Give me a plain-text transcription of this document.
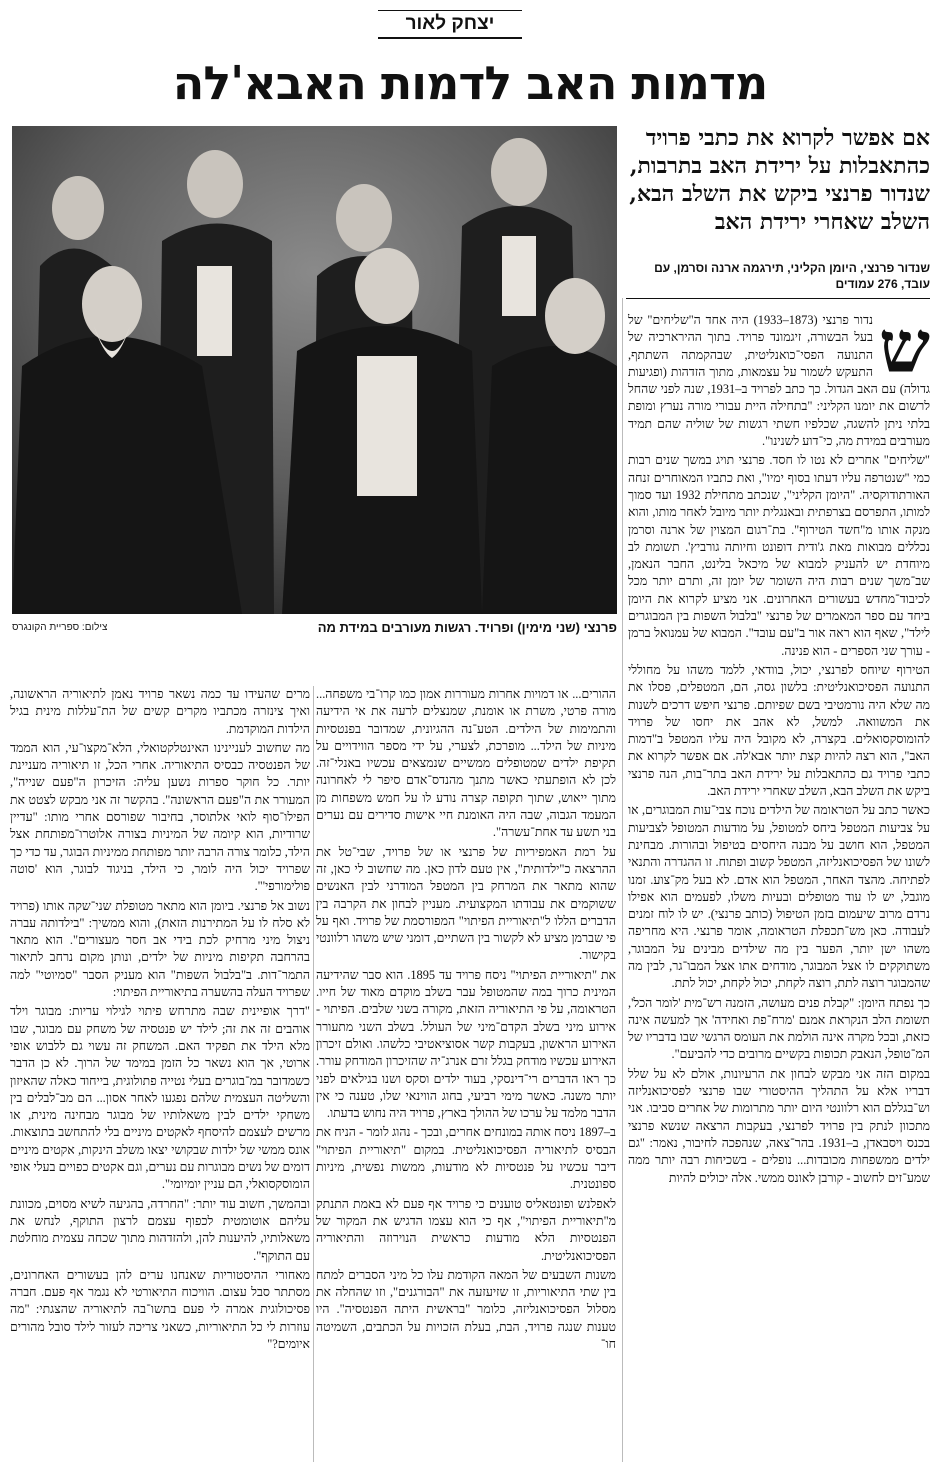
יצחק לאור
מדמות האב לדמות האבא'לה
פרנצי (שני מימין) ופרויד. רגשות מעורבים במידת מה
צילום: ספריית הקונגרס
אם אפשר לקרוא את כתבי פרויד כהתאבלות על ירידת האב בתרבות, שנדור פרנצי ביקש את השלב הבא, השלב שאחרי ירידת האב
שנדור פרנצי, היומן הקליני, תירגמה ארנה וסרמן, עם עובד, 276 עמודים
ש

נדור פרנצי (1873–1933) היה אחד ה"שליחים" של בעל הבשורה, זיגמונד פרויד. בתוך ההירארכיה של התנועה הפסי־כואנליטית, שבהקמתה השתתף, התעקש לשמור על עצמאות, מתוך הזדהות (ופגיעות גדולה) עם האב הגדול. כך כתב לפרויד ב–1931, שנה לפני שהחל לרשום את יומנו הקליני: "בתחילה היית עבורי מורה נערץ ומופת בלתי ניתן להשגה, שכלפיו חשתי רגשות של שוליה שהם תמיד מעורבים במידת מה, כי־דוע לשנינו".

"שליחים" אחרים לא נטו לו חסד. פרנצי תויג במשך שנים רבות כמי "שנטרפה עליו דעתו בסוף ימיו", ואת כתביו המאוחרים זנחה האורתודוקסיה. "היומן הקליני", שנכתב מתחילת 1932 ועד סמוך למותו, התפרסם בצרפתית ובאנגלית יותר מיובל לאחר מותו, והוא מנקה אותו מ"חשד הטירוף". בת־רגום המצוין של ארנה וסרמן נכללים מבואות מאת ג'ודית דופונט וחיותה גורביץ'. תשומת לב מיוחדת יש להעניק למבוא של מיכאל בלינט, החבר הנאמן, שב־משך שנים רבות היה השומר של יומן זה, ותרם יותר מכל לכיבוד־מחדש בעשורים האחרונים. אני מציע לקרוא את היומן ביחד עם ספר המאמרים של פרנצי "בלבול השפות בין המבוגרים לילד", שאף הוא ראה אור ב"עם עובד". המבוא של עמנואל ברמן - עורך שני הספרים - הוא פנינה.

הטירוף שיוחס לפרנצי, יכול, בוודאי, ללמד משהו על מחוללי התנועה הפסיכואנליטית: בלשון גסה, הם, המטפלים, פסלו את מה שלא היה נורמטיבי בשם שפיותם. פרנצי חיפש דרכים לשנות את המשוואה. למשל, לא אהב את יחסו של פרויד להומוסקסואלים. בקצרה, לא מקובל היה עליו המטפל ב"דמות האב", הוא רצה להיות קצת יותר אבא'לה. אם אפשר לקרוא את כתבי פרויד גם כהתאבלות על ירידת האב בתר־בות, הנה פרנצי ביקש את השלב הבא, השלב שאחרי ירידת האב.

כאשר כתב על הטראומה של הילדים נוכח צבי־עות המבוגרים, או על צביעות המטפל ביחס למטופל, על מודעות המטופל לצביעות המטפל, הוא חושב על מבנה היחסים בטיפול ובהורות. מבחינת לשונו של הפסיכואנליזה, המטפל קשוב ופתוח. זו ההגדרה והתנאי לפתיחה. מהצד האחר, המטפל הוא אדם. לא בעל מק־צוע. זמנו מוגבל, יש לו עוד מטופלים ובעיות משלו, לפעמים הוא אפילו נרדם מרוב שיעמום בזמן הטיפול (כותב פרנצי). יש לו לוח זמנים לעבודה. כאן מש־תכפלת הטראומה, אומר פרנצי. היא מחריפה משהו ישן יותר, הפער בין מה שילדים מבינים על המבוגר, משתוקקים לו אצל המבוגר, מודחים אתו אצל המבו־גר, לבין מה שהמבוגר רוצה לתת, רוצה לקחת, יכול לקחת, יכול לתת.

כך נפתח היומן: "קבלת פנים מעושה, הזמנה רש־מית 'לומר הכל', תשומת הלב הנקראת אמנם 'מרח־פת ואחידה' אך למעשה אינה כזאת, ובכל מקרה אינה הולמת את העומס הרגשי שבו בדבריו של המ־טופל, הנאבק תכופות בקשיים מרובים כדי להביעם".

במקום הזה אני מבקש לבחון את הרעיונות, אולם לא על שלל דבריו אלא על התהליך ההיסטורי שבו פרנצי לפסיכואנליזה וש־בגללם הוא רלוונטי היום יותר מתרומות של אחרים סביבו. אני מתכוון לנתק בין פרויד לפרנצי, בעקבות הרצאה שנשא פרנצי בכנס ויסבאדן, ב–1931. בהר־צאה, שנהפכה לחיבור, נאמר: "גם ילדים ממשפחות מכובדות... נופלים - בשכיחות רבה יותר ממה שמע־זים לחשוב - קורבן לאונס ממשי. אלה יכולים להיות

ההורים... או דמויות אחרות מעוררות אמון כמו קרו־בי משפחה... מורה פרטי, משרת או אומנת, שמנצלים לרעה את אי הידיעה והתמימות של הילדים. הטע־נה ההגיונית, שמדובר בפנטסיות מיניות של הילד... מופרכת, לצערי, על ידי מספר הווידויים על תקיפת ילדים שמטופלים ממשיים שנמצאים עכשיו באנלי־זה. לכן לא הופתעתי כאשר מתנך מהנדס־אדם סיפר לי לאחרונה מתוך ייאוש, שתוך תקופה קצרה נודע לו על חמש משפחות מן המעמד הגבוה, שבה היה האומנת חיי אישות סדירים עם נערים בני תשע עד אחת־עשרה".

על רמת האמפיריות של פרנצי או של פרויד, שבי־טל את ההרצאה כ"ילדותית", אין טעם לדון כאן. מה שחשוב לי כאן, זה שהוא מתאר את המרחק בין המטפל המודרני לבין האנשים ששוקמים את עבודתו המקצועית. מעניין לבחון את הקרבה בין הדברים הללו ל"תיאוריית הפיתוי" המפורסמת של פרויד. ואף על פי שברמן מציע לא לקשור בין השתיים, דומני שיש משהו רלוונטי בקישור.

את "תיאוריית הפיתוי" ניסח פרויד עד 1895. הוא סבר שהידיעה המינית כרוך במה שהמטופל עבר בשלב מוקדם מאוד של חייו. הטראומה, על פי התיאוריה הזאת, מקורה בשני שלבים. הפיתוי - אירוע מיני בשלב הקדם־מיני של העולל. בשלב השני מתעורר האירוע הראשון, בעקבות קשר אסוציאטיבי כלשהו. ואולם זיכרון האירוע עכשיו מודחק בגלל זרם אנרג־יה שהזיכרון המודחק עורר. כך ראו הדברים רי־דינסקי, בעוד ילדים וסקס ושנו בגילאים לפני יותר משנה. כאשר מימי רביעי, בחוג הווינאי שלו, טענה כי אין הדבר מלמד על ערכו של ההולך בארץ, פרויד היה נחוש בדעתו.

ב–1897 ניסח אותה במונחים אחרים, ובכך - נהוג לומר - הניח את הבסיס לתיאוריה הפסיכואנליטית. במקום "תיאוריית הפיתוי" דיבר עכשיו על פנטסיות לא מודעות, ממשות נפשית, מיניות ספונטנית.

לאפלנש ופונטאליס טוענים כי פרויד אף פעם לא באמת התנתק מ"תיאוריית הפיתוי", אף כי הוא עצמו הדגיש את המקור של הפנטסיות הלא מודעות כראשית הנוירוזה והתיאוריה הפסיכואנליטית.

משנות השבעים של המאה הקודמת עלו כל מיני הסברים למתח בין שתי התיאוריות, זו שזיעזעה את "הבורגנים", וזו שהחלה את מסלול הפסיכואנליזה, כלומר "בראשית היתה הפנטסיה". היו טענות שנגה פרויד, הבת, בעלת הזכויות על הכתבים, השמיטה חו־

מרים שהעידו עד כמה נשאר פרויד נאמן לתיאוריה הראשונה, ואיך צינזרה מכתביו מקרים קשים של הת־עללות מינית בגיל הילדות המוקדמת.

מה שחשוב לעניינינו האינטלקטואלי, הלא־מקצו־עי, הוא הממד של הפנטסיה כבסיס התיאוריה. אחרי הכל, זו תיאוריה מעניינת יותר. כל חוקר ספרות נשען עליה: הזיכרון ה"פעם שנייה", המעורר את ה"פעם הראשונה". בהקשר זה אני מבקש לצטט את הפילו־סוף לואי אלתוסר, בחיבור שפורסם אחרי מותו: "עדיין שרודיות, הוא קיומה של המיניות בצורה אלוטרו־מפותחת אצל הילד, כלומר צורה הרבה יותר מפותחת ממיניות הבוגר, עד כדי כך שפרויד יכול היה לומר, כי הילד, בניגוד לבוגר, הוא 'סוטה פולימורפי'".

נשוב אל פרנצי. ביומן הוא מתאר מטופלת שני־שקה אותו (פרויד לא סלח לו על המתירנות הזאת), והוא ממשיך: "בילדותה עברה ניצול מיני מרחיק לכת בידי אב חסר מעצורים". הוא מתאר בהרחבה תקיפות מיניות של ילדים, ונותן מקום נרחב לתיאור התמר־דות. ב"בלבול השפות" הוא מעניק הסבר "סמיוטי" למה שפרויד העלה בהשערה בתיאוריית הפיתוי:

"דרך אופיינית שבה מתרחש פיתוי לגילוי עריות: מבוגר וילד אוהבים זה את זה; לילד יש פנטסיה של משחק עם מבוגר, שבו מלא הילד את תפקיד האם. המשחק זה עשוי גם ללבוש אופי ארוטי, אך הוא נשאר כל הזמן במימד של הרוך. לא כן הדבר כשמדובר במ־בוגרים בעלי נטייה פתולוגית, בייחוד כאלה שהאיזון והשליטה העצמית שלהם נפגעו לאחר אסון... הם מב־לבלים בין משחקי ילדים לבין משאלותיו של מבוגר מבחינה מינית, או מרשים לעצמם להיסחף לאקטים מיניים בלי להתחשב בתוצאות. אונס ממשי של ילדות שבקושי יצאו משלב הינקות, אקטים מיניים דומים של נשים מבוגרות עם נערים, וגם אקטים כפויים בעלי אופי הומוסקסואלי, הם עניין יומיומי".

ובהמשך, חשוב עוד יותר: "החרדה, בהגיעה לשיא מסוים, מכוונת עליהם אוטומטית לכפוף עצמם לרצון התוקף, לנחש את משאלותיו, להיענות להן, ולהזדהות מתוך שכחה עצמית מוחלטת עם התוקף".

מאחורי ההיסטוריות שאנחנו ערים להן בעשורים האחרונים, מסתתר סבל עצום. הוויכוח התיאורטי לא נגמר אף פעם. חברה פסיכולוגית אמרה לי פעם בתשו־בה לתיאוריה שהצגתי: "מה עוזרות לי כל התיאוריות, כשאני צריכה לעזור לילד סובל מהורים איומים?"
